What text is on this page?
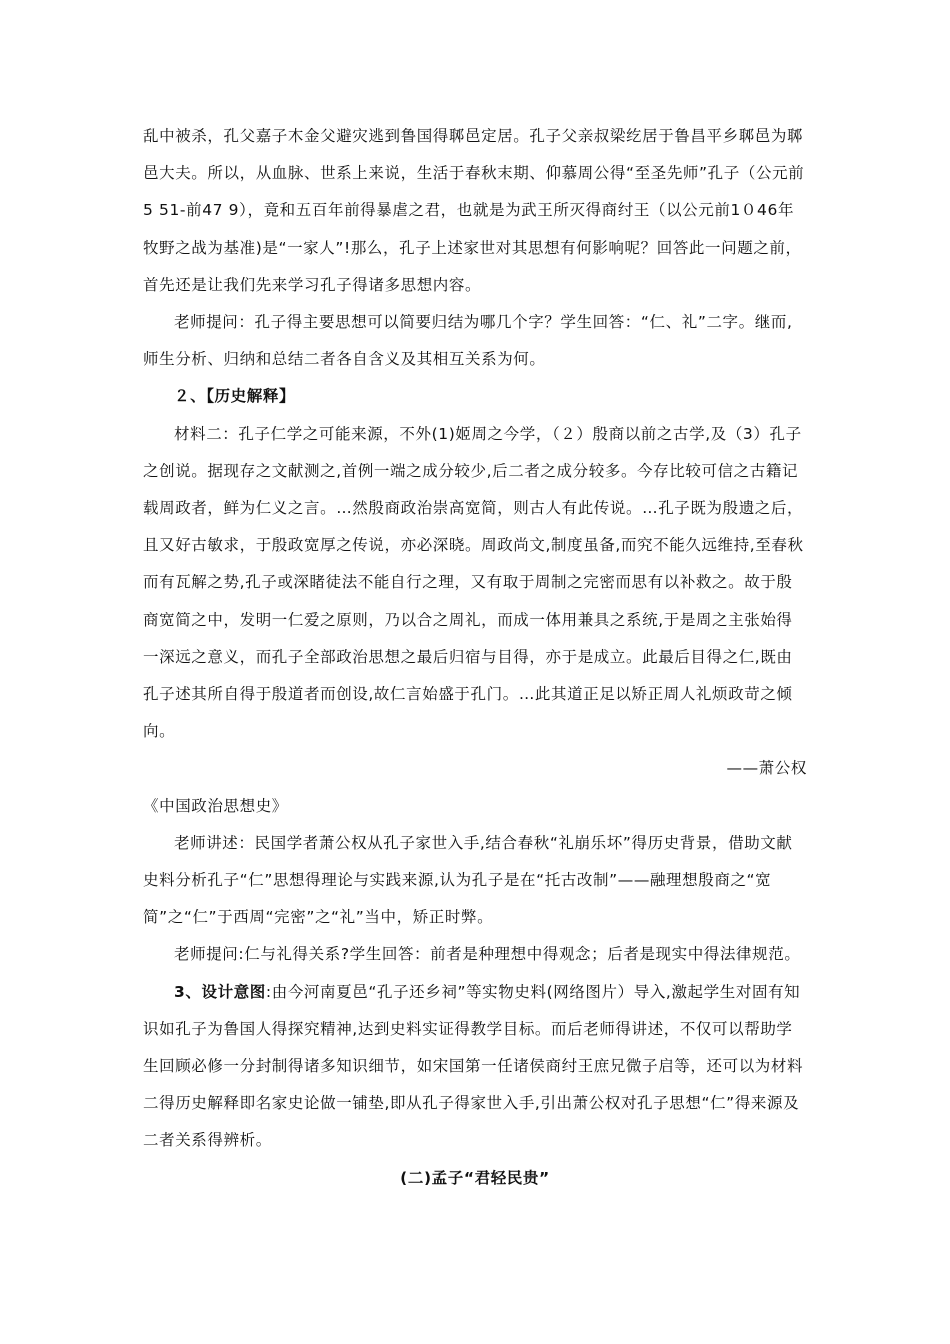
乱中被杀，孔父嘉子木金父避灾逃到鲁国得郰邑定居。孔子父亲叔梁纥居于鲁昌平乡郰邑为郰邑大夫。所以，从血脉、世系上来说，生活于春秋末期、仰慕周公得“至圣先师”孔子（公元前5 51-前47 9），竟和五百年前得暴虐之君，也就是为武王所灭得商纣王（以公元前1０46年牧野之战为基准)是“一家人”!那么，孔子上述家世对其思想有何影响呢？回答此一问题之前，首先还是让我们先来学习孔子得诸多思想内容。

老师提问：孔子得主要思想可以简要归结为哪几个字？学生回答：“仁、礼”二字。继而,师生分析、归纳和总结二者各自含义及其相互关系为何。

２、【历史解释】

材料二：孔子仁学之可能来源，不外(1)姬周之今学，（２）殷商以前之古学,及（3）孔子之创说。据现存之文献测之,首例一端之成分较少,后二者之成分较多。今存比较可信之古籍记载周政者，鲜为仁义之言。…然殷商政治崇高宽简，则古人有此传说。…孔子既为殷遗之后，且又好古敏求，于殷政宽厚之传说，亦必深晓。周政尚文,制度虽备,而究不能久远维持,至春秋而有瓦解之势,孔子或深睹徒法不能自行之理，又有取于周制之完密而思有以补救之。故于殷商宽简之中，发明一仁爱之原则，乃以合之周礼，而成一体用兼具之系统,于是周之主张始得一深远之意义，而孔子全部政治思想之最后归宿与目得，亦于是成立。此最后目得之仁,既由孔子述其所自得于殷道者而创设,故仁言始盛于孔门。…此其道正足以矫正周人礼烦政苛之倾向。

——萧公权

《中国政治思想史》

老师讲述：民国学者萧公权从孔子家世入手,结合春秋“礼崩乐坏”得历史背景，借助文献史料分析孔子“仁”思想得理论与实践来源,认为孔子是在“托古改制”——融理想殷商之“宽简”之“仁”于西周“完密”之“礼”当中，矫正时弊。

老师提问:仁与礼得关系?学生回答：前者是种理想中得观念；后者是现实中得法律规范。

3、设计意图:由今河南夏邑“孔子还乡祠”等实物史料(网络图片）导入,激起学生对固有知识如孔子为鲁国人得探究精神,达到史料实证得教学目标。而后老师得讲述，不仅可以帮助学生回顾必修一分封制得诸多知识细节，如宋国第一任诸侯商纣王庶兄微子启等，还可以为材料二得历史解释即名家史论做一铺垫,即从孔子得家世入手,引出萧公权对孔子思想“仁”得来源及二者关系得辨析。

(二)孟子“君轻民贵”
